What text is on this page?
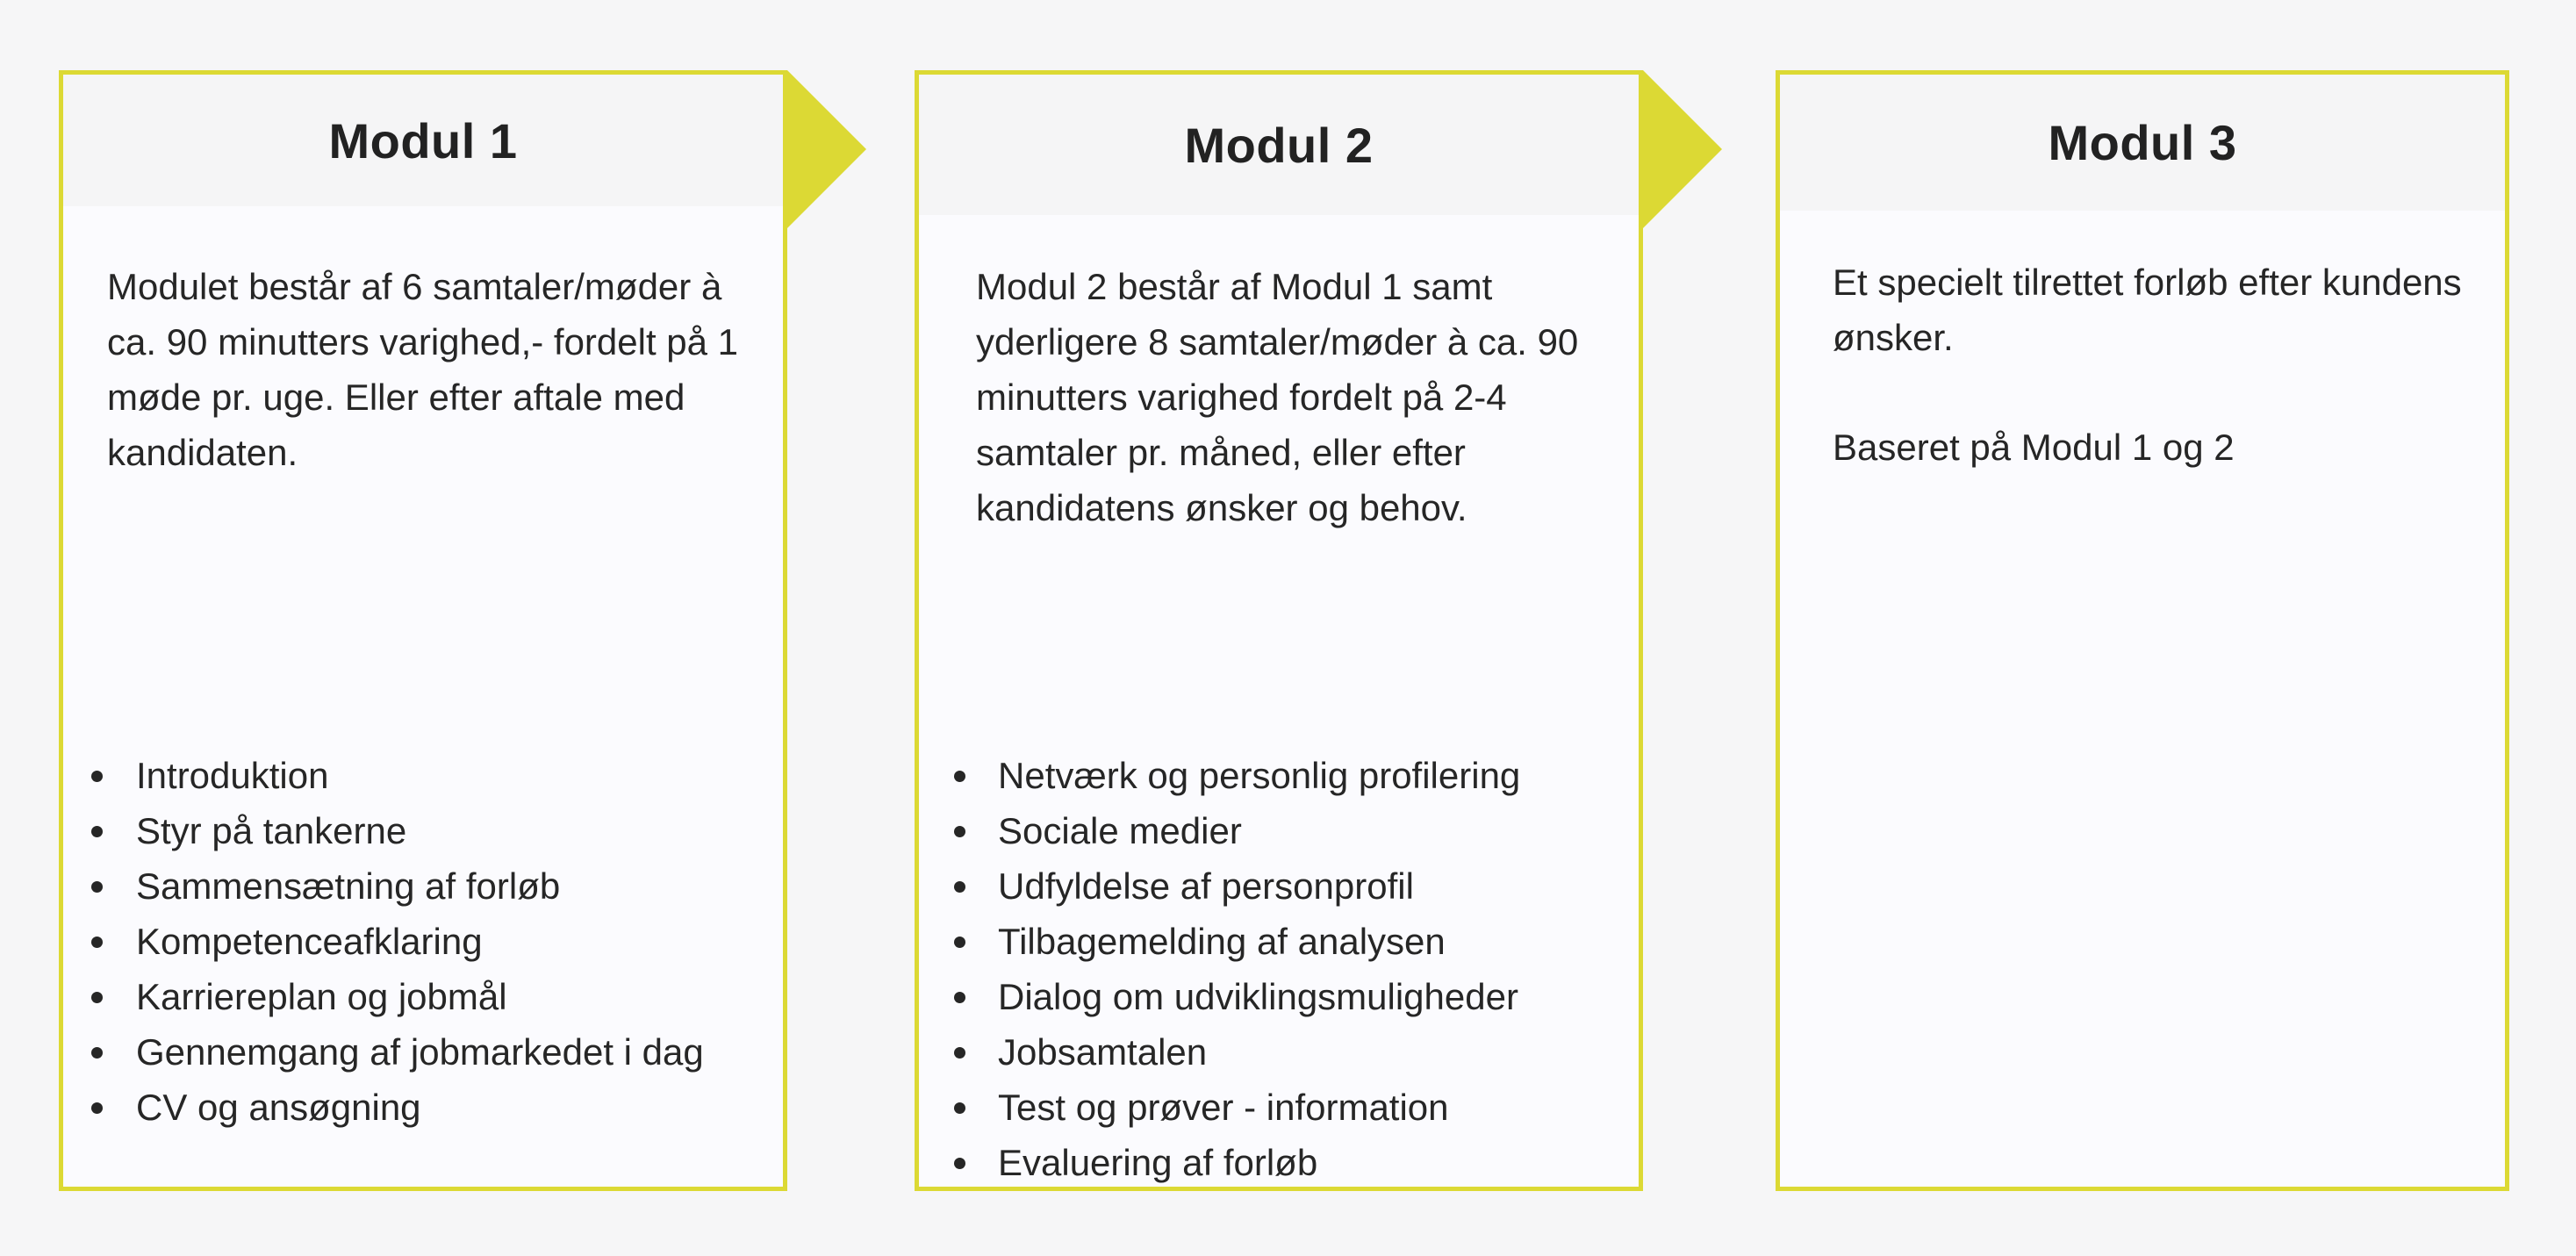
Modul 1

Modulet består af 6 samtaler/møder à ca. 90 minutters varighed,- fordelt på 1 møde pr. uge. Eller efter aftale med kandidaten.

Introduktion
Styr på tankerne
Sammensætning af forløb
Kompetenceafklaring
Karriereplan og jobmål
Gennemgang af jobmarkedet i dag
CV og ansøgning
Modul 2

Modul 2 består af Modul 1 samt yderligere 8 samtaler/møder à ca. 90 minutters varighed fordelt på 2-4 samtaler pr. måned, eller efter kandidatens ønsker og behov.

Netværk og personlig profilering
Sociale medier
Udfyldelse af personprofil
Tilbagemelding af analysen
Dialog om udviklingsmuligheder
Jobsamtalen
Test og prøver - information
Evaluering af forløb
Modul 3

Et specielt tilrettet forløb efter kundens ønsker.

Baseret på Modul 1 og 2
